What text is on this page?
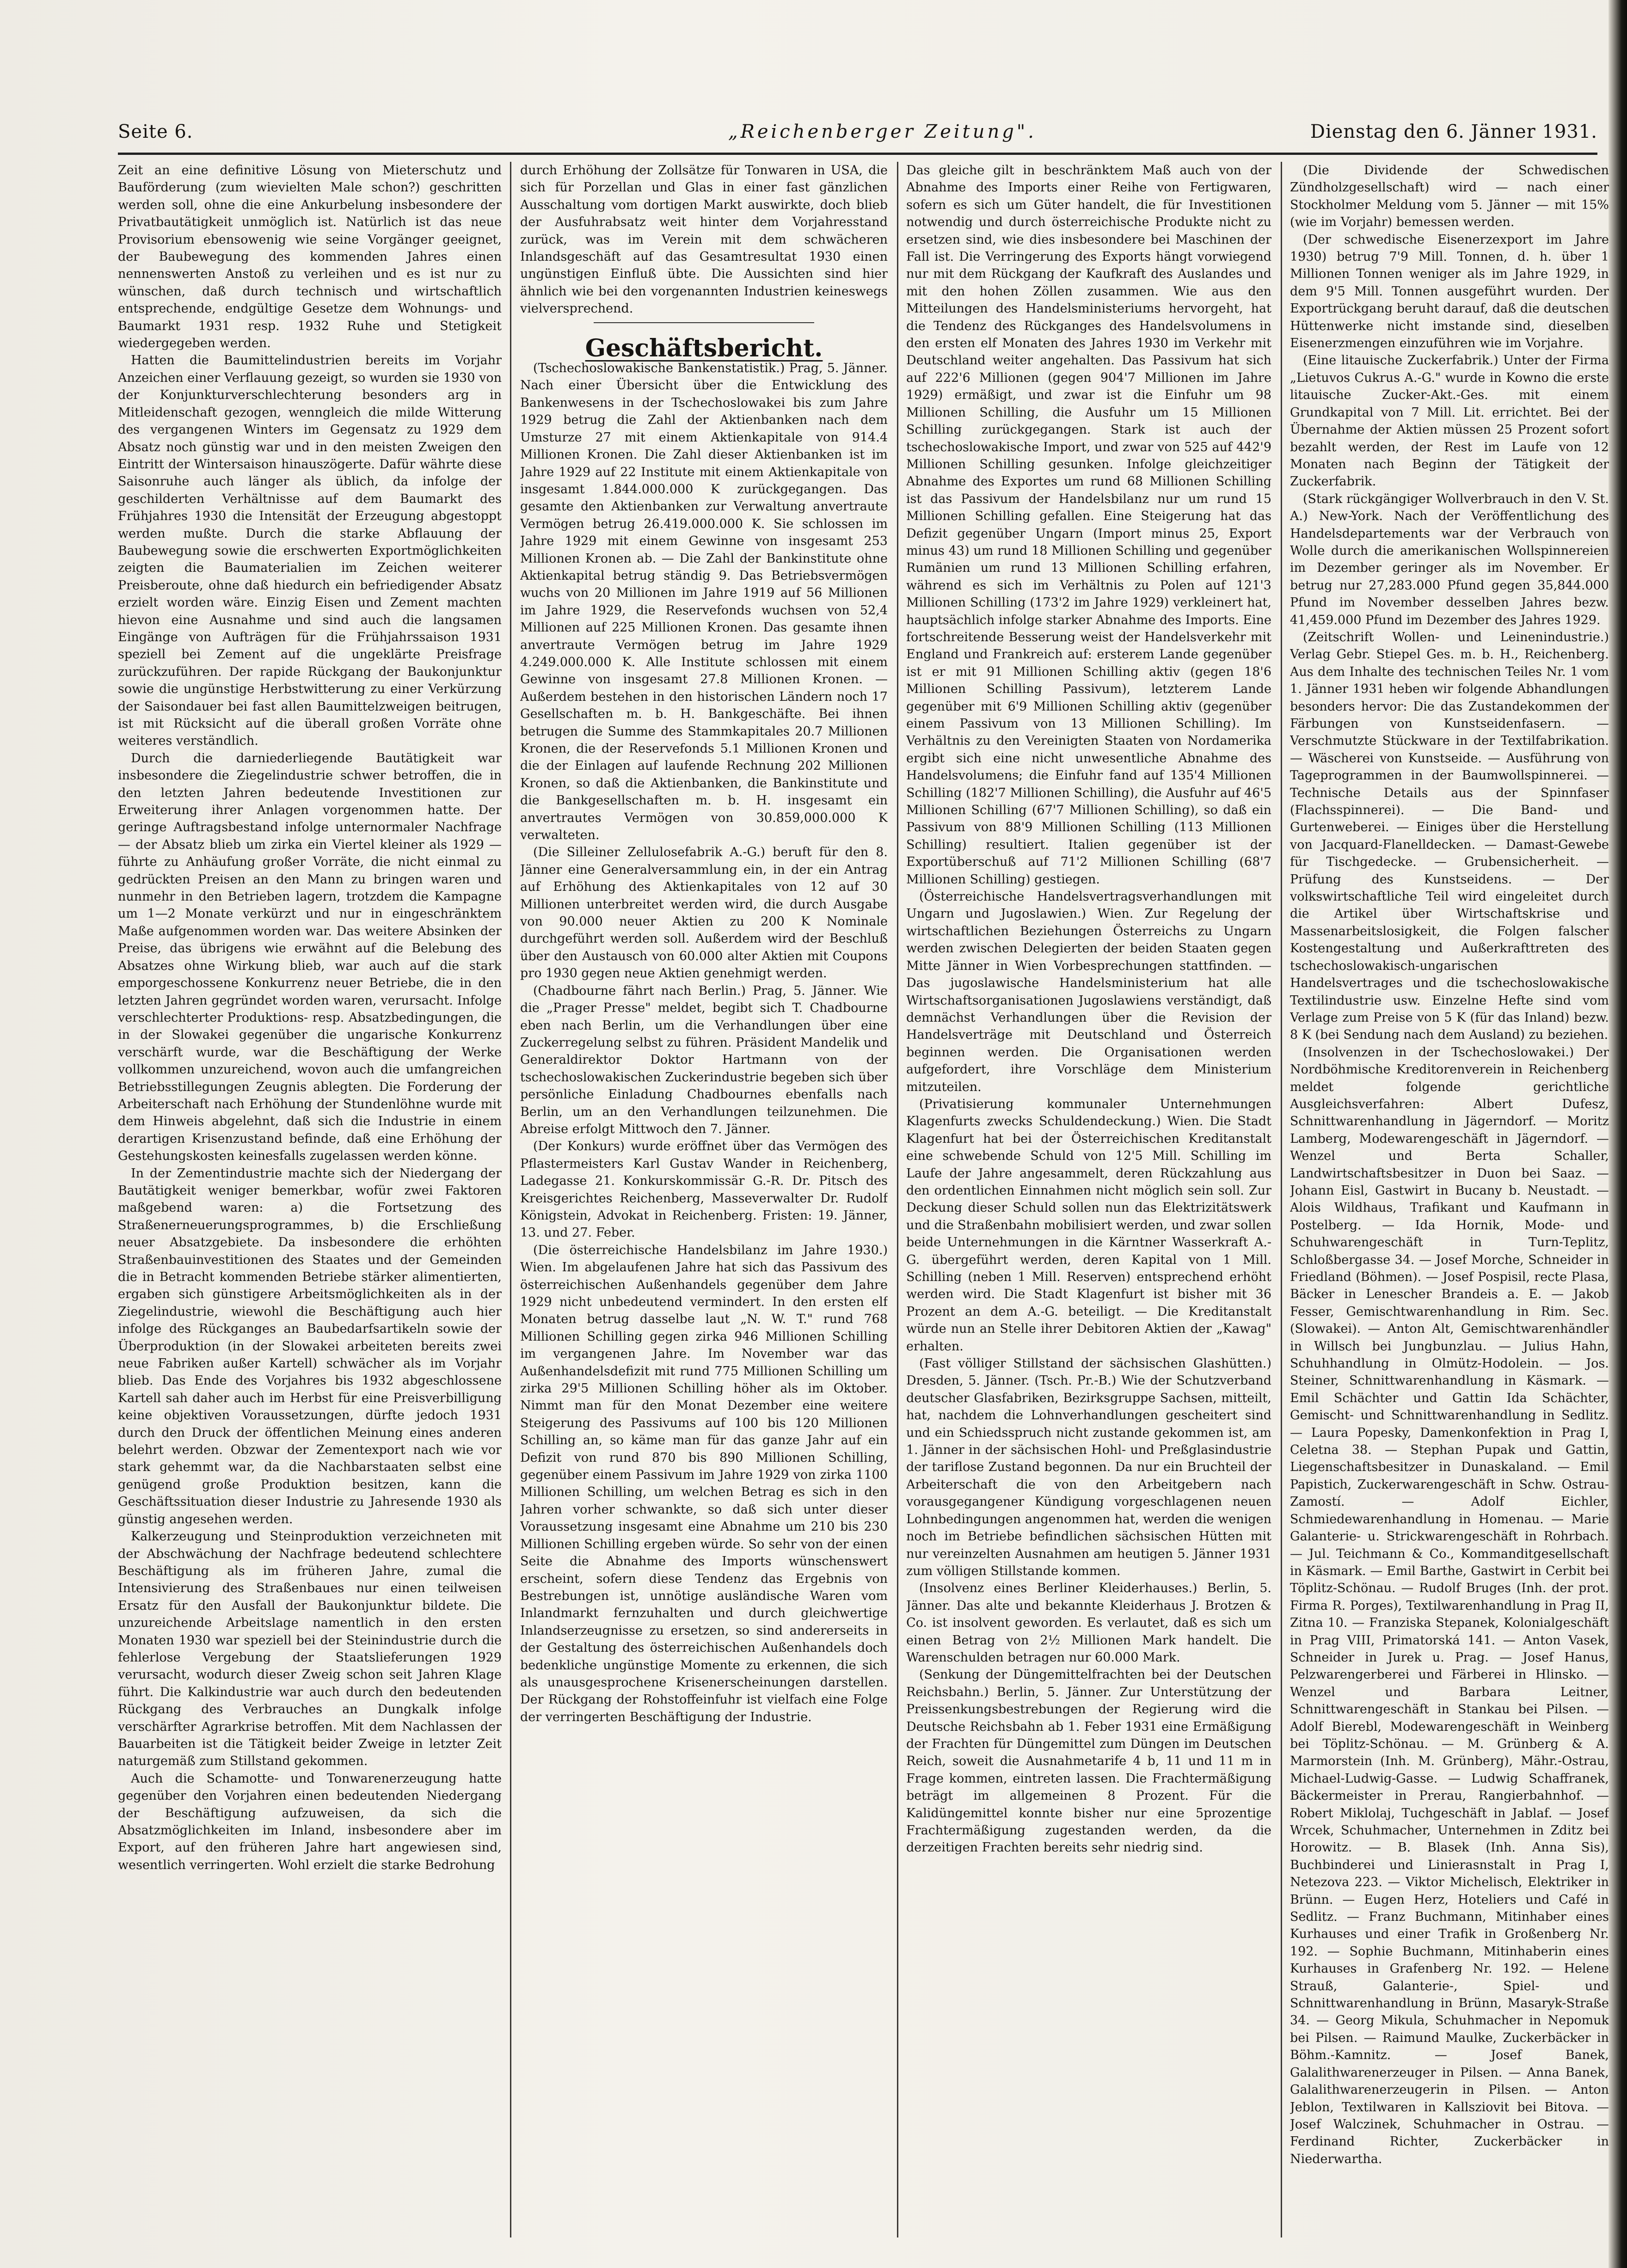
Seite 6.	„Reichenberger Zeitung".	Dienstag den 6. Jänner 1931.

Zeit an eine definitive Lösung von Mieterschutz und Bauförderung (zum wievielten Male schon?) geschritten werden soll, ohne die eine Ankurbelung insbesondere der Privatbautätigkeit unmöglich ist. Natürlich ist das neue Provisorium ebensowenig wie seine Vorgänger geeignet, der Baubewegung des kommenden Jahres einen nennenswerten Anstoß zu verleihen und es ist nur zu wünschen, daß durch technisch und wirtschaftlich entsprechende, endgültige Gesetze dem Wohnungs- und Baumarkt 1931 resp. 1932 Ruhe und Stetigkeit wiedergegeben werden.

Hatten die Baumittelindustrien bereits im Vorjahr Anzeichen einer Verflauung gezeigt, so wurden sie 1930 von der Konjunkturverschlechterung besonders arg in Mitleidenschaft gezogen, wenngleich die milde Witterung des vergangenen Winters im Gegensatz zu 1929 dem Absatz noch günstig war und in den meisten Zweigen den Eintritt der Wintersaison hinauszögerte. Dafür währte diese Saisonruhe auch länger als üblich, da infolge der geschilderten Verhältnisse auf dem Baumarkt des Frühjahres 1930 die Intensität der Erzeugung abgestoppt werden mußte. Durch die starke Abflauung der Baubewegung sowie die erschwerten Exportmöglichkeiten zeigten die Baumaterialien im Zeichen weiterer Preisberoute, ohne daß hiedurch ein befriedigender Absatz erzielt worden wäre. Einzig Eisen und Zement machten hievon eine Ausnahme und sind auch die langsamen Eingänge von Aufträgen für die Frühjahrssaison 1931 speziell bei Zement auf die ungeklärte Preisfrage zurückzuführen. Der rapide Rückgang der Baukonjunktur sowie die ungünstige Herbstwitterung zu einer Verkürzung der Saisondauer bei fast allen Baumittelzweigen beitrugen, ist mit Rücksicht auf die überall großen Vorräte ohne weiteres verständlich.

Durch die darniederliegende Bautätigkeit war insbesondere die Ziegelindustrie schwer betroffen, die in den letzten Jahren bedeutende Investitionen zur Erweiterung ihrer Anlagen vorgenommen hatte. Der geringe Auftragsbestand infolge unternormaler Nachfrage — der Absatz blieb um zirka ein Viertel kleiner als 1929 — führte zu Anhäufung großer Vorräte, die nicht einmal zu gedrückten Preisen an den Mann zu bringen waren und nunmehr in den Betrieben lagern, trotzdem die Kampagne um 1—2 Monate verkürzt und nur in eingeschränktem Maße aufgenommen worden war. Das weitere Absinken der Preise, das übrigens wie erwähnt auf die Belebung des Absatzes ohne Wirkung blieb, war auch auf die stark emporgeschossene Konkurrenz neuer Betriebe, die in den letzten Jahren gegründet worden waren, verursacht. Infolge verschlechterter Produktions- resp. Absatzbedingungen, die in der Slowakei gegenüber die ungarische Konkurrenz verschärft wurde, war die Beschäftigung der Werke vollkommen unzureichend, wovon auch die umfangreichen Betriebsstillegungen Zeugnis ablegten. Die Forderung der Arbeiterschaft nach Erhöhung der Stundenlöhne wurde mit dem Hinweis abgelehnt, daß sich die Industrie in einem derartigen Krisenzustand befinde, daß eine Erhöhung der Gestehungskosten keinesfalls zugelassen werden könne.

In der Zementindustrie machte sich der Niedergang der Bautätigkeit weniger bemerkbar, wofür zwei Faktoren maßgebend waren: a) die Fortsetzung des Straßenerneuerungsprogrammes, b) die Erschließung neuer Absatzgebiete. Da insbesondere die erhöhten Straßenbauinvestitionen des Staates und der Gemeinden die in Betracht kommenden Betriebe stärker alimentierten, ergaben sich günstigere Arbeitsmöglichkeiten als in der Ziegelindustrie, wiewohl die Beschäftigung auch hier infolge des Rückganges an Baubedarfsartikeln sowie der Überproduktion (in der Slowakei arbeiteten bereits zwei neue Fabriken außer Kartell) schwächer als im Vorjahr blieb. Das Ende des Vorjahres bis 1932 abgeschlossene Kartell sah daher auch im Herbst für eine Preisverbilligung keine objektiven Voraussetzungen, dürfte jedoch 1931 durch den Druck der öffentlichen Meinung eines anderen belehrt werden. Obzwar der Zementexport nach wie vor stark gehemmt war, da die Nachbarstaaten selbst eine genügend große Produktion besitzen, kann die Geschäftssituation dieser Industrie zu Jahresende 1930 als günstig angesehen werden.

Kalkerzeugung und Steinproduktion verzeichneten mit der Abschwächung der Nachfrage bedeutend schlechtere Beschäftigung als im früheren Jahre, zumal die Intensivierung des Straßenbaues nur einen teilweisen Ersatz für den Ausfall der Baukonjunktur bildete. Die unzureichende Arbeitslage namentlich in den ersten Monaten 1930 war speziell bei der Steinindustrie durch die fehlerlose Vergebung der Staatslieferungen 1929 verursacht, wodurch dieser Zweig schon seit Jahren Klage führt. Die Kalkindustrie war auch durch den bedeutenden Rückgang des Verbrauches an Dungkalk infolge verschärfter Agrarkrise betroffen. Mit dem Nachlassen der Bauarbeiten ist die Tätigkeit beider Zweige in letzter Zeit naturgemäß zum Stillstand gekommen.

Auch die Schamotte- und Tonwarenerzeugung hatte gegenüber den Vorjahren einen bedeutenden Niedergang der Beschäftigung aufzuweisen, da sich die Absatzmöglichkeiten im Inland, insbesondere aber im Export, auf den früheren Jahre hart angewiesen sind, wesentlich verringerten. Wohl erzielt die starke Bedrohung

durch Erhöhung der Zollsätze für Tonwaren in USA, die sich für Porzellan und Glas in einer fast gänzlichen Ausschaltung vom dortigen Markt auswirkte, doch blieb der Ausfuhrabsatz weit hinter dem Vorjahresstand zurück, was im Verein mit dem schwächeren Inlandsgeschäft auf das Gesamtresultat 1930 einen ungünstigen Einfluß übte. Die Aussichten sind hier ähnlich wie bei den vorgenannten Industrien keineswegs vielversprechend.

Geschäftsbericht.

(Tschechoslowakische Bankenstatistik.) Prag, 5. Jänner. Nach einer Übersicht über die Entwicklung des Bankenwesens in der Tschechoslowakei bis zum Jahre 1929 betrug die Zahl der Aktienbanken nach dem Umsturze 27 mit einem Aktienkapitale von 914.4 Millionen Kronen. Die Zahl dieser Aktienbanken ist im Jahre 1929 auf 22 Institute mit einem Aktienkapitale von insgesamt 1.844.000.000 K zurückgegangen. Das gesamte den Aktienbanken zur Verwaltung anvertraute Vermögen betrug 26.419.000.000 K. Sie schlossen im Jahre 1929 mit einem Gewinne von insgesamt 253 Millionen Kronen ab. — Die Zahl der Bankinstitute ohne Aktienkapital betrug ständig 9. Das Betriebsvermögen wuchs von 20 Millionen im Jahre 1919 auf 56 Millionen im Jahre 1929, die Reservefonds wuchsen von 52,4 Millionen auf 225 Millionen Kronen. Das gesamte ihnen anvertraute Vermögen betrug im Jahre 1929 4.249.000.000 K. Alle Institute schlossen mit einem Gewinne von insgesamt 27.8 Millionen Kronen. — Außerdem bestehen in den historischen Ländern noch 17 Gesellschaften m. b. H. Bankgeschäfte. Bei ihnen betrugen die Summe des Stammkapitales 20.7 Millionen Kronen, die der Reservefonds 5.1 Millionen Kronen und die der Einlagen auf laufende Rechnung 202 Millionen Kronen, so daß die Aktienbanken, die Bankinstitute und die Bankgesellschaften m. b. H. insgesamt ein anvertrautes Vermögen von 30.859,000.000 K verwalteten.

(Die Silleiner Zellulosefabrik A.-G.) beruft für den 8. Jänner eine Generalversammlung ein, in der ein Antrag auf Erhöhung des Aktienkapitales von 12 auf 30 Millionen unterbreitet werden wird, die durch Ausgabe von 90.000 neuer Aktien zu 200 K Nominale durchgeführt werden soll. Außerdem wird der Beschluß über den Austausch von 60.000 alter Aktien mit Coupons pro 1930 gegen neue Aktien genehmigt werden.

(Chadbourne fährt nach Berlin.) Prag, 5. Jänner. Wie die „Prager Presse" meldet, begibt sich T. Chadbourne eben nach Berlin, um die Verhandlungen über eine Zuckerregelung selbst zu führen. Präsident Mandelik und Generaldirektor Doktor Hartmann von der tschechoslowakischen Zuckerindustrie begeben sich über persönliche Einladung Chadbournes ebenfalls nach Berlin, um an den Verhandlungen teilzunehmen. Die Abreise erfolgt Mittwoch den 7. Jänner.

(Der Konkurs) wurde eröffnet über das Vermögen des Pflastermeisters Karl Gustav Wander in Reichenberg, Ladegasse 21. Konkurskommissär G.-R. Dr. Pitsch des Kreisgerichtes Reichenberg, Masseverwalter Dr. Rudolf Königstein, Advokat in Reichenberg. Fristen: 19. Jänner, 13. und 27. Feber.

(Die österreichische Handelsbilanz im Jahre 1930.) Wien. Im abgelaufenen Jahre hat sich das Passivum des österreichischen Außenhandels gegenüber dem Jahre 1929 nicht unbedeutend vermindert. In den ersten elf Monaten betrug dasselbe laut „N. W. T." rund 768 Millionen Schilling gegen zirka 946 Millionen Schilling im vergangenen Jahre. Im November war das Außenhandelsdefizit mit rund 775 Millionen Schilling um zirka 29'5 Millionen Schilling höher als im Oktober. Nimmt man für den Monat Dezember eine weitere Steigerung des Passivums auf 100 bis 120 Millionen Schilling an, so käme man für das ganze Jahr auf ein Defizit von rund 870 bis 890 Millionen Schilling, gegenüber einem Passivum im Jahre 1929 von zirka 1100 Millionen Schilling, um welchen Betrag es sich in den Jahren vorher schwankte, so daß sich unter dieser Voraussetzung insgesamt eine Abnahme um 210 bis 230 Millionen Schilling ergeben würde. So sehr von der einen Seite die Abnahme des Imports wünschenswert erscheint, sofern diese Tendenz das Ergebnis von Bestrebungen ist, unnötige ausländische Waren vom Inlandmarkt fernzuhalten und durch gleichwertige Inlandserzeugnisse zu ersetzen, so sind andererseits in der Gestaltung des österreichischen Außenhandels doch bedenkliche ungünstige Momente zu erkennen, die sich als unausgesprochene Krisenerscheinungen darstellen. Der Rückgang der Rohstoffeinfuhr ist vielfach eine Folge der verringerten Beschäftigung der Industrie.

Das gleiche gilt in beschränktem Maß auch von der Abnahme des Imports einer Reihe von Fertigwaren, sofern es sich um Güter handelt, die für Investitionen notwendig und durch österreichische Produkte nicht zu ersetzen sind, wie dies insbesondere bei Maschinen der Fall ist. Die Verringerung des Exports hängt vorwiegend nur mit dem Rückgang der Kaufkraft des Auslandes und mit den hohen Zöllen zusammen. Wie aus den Mitteilungen des Handelsministeriums hervorgeht, hat die Tendenz des Rückganges des Handelsvolumens in den ersten elf Monaten des Jahres 1930 im Verkehr mit Deutschland weiter angehalten. Das Passivum hat sich auf 222'6 Millionen (gegen 904'7 Millionen im Jahre 1929) ermäßigt, und zwar ist die Einfuhr um 98 Millionen Schilling, die Ausfuhr um 15 Millionen Schilling zurückgegangen. Stark ist auch der tschechoslowakische Import, und zwar von 525 auf 442'9 Millionen Schilling gesunken. Infolge gleichzeitiger Abnahme des Exportes um rund 68 Millionen Schilling ist das Passivum der Handelsbilanz nur um rund 15 Millionen Schilling gefallen. Eine Steigerung hat das Defizit gegenüber Ungarn (Import minus 25, Export minus 43) um rund 18 Millionen Schilling und gegenüber Rumänien um rund 13 Millionen Schilling erfahren, während es sich im Verhältnis zu Polen auf 121'3 Millionen Schilling (173'2 im Jahre 1929) verkleinert hat, hauptsächlich infolge starker Abnahme des Imports. Eine fortschreitende Besserung weist der Handelsverkehr mit England und Frankreich auf: ersterem Lande gegenüber ist er mit 91 Millionen Schilling aktiv (gegen 18'6 Millionen Schilling Passivum), letzterem Lande gegenüber mit 6'9 Millionen Schilling aktiv (gegenüber einem Passivum von 13 Millionen Schilling). Im Verhältnis zu den Vereinigten Staaten von Nordamerika ergibt sich eine nicht unwesentliche Abnahme des Handelsvolumens; die Einfuhr fand auf 135'4 Millionen Schilling (182'7 Millionen Schilling), die Ausfuhr auf 46'5 Millionen Schilling (67'7 Millionen Schilling), so daß ein Passivum von 88'9 Millionen Schilling (113 Millionen Schilling) resultiert. Italien gegenüber ist der Exportüberschuß auf 71'2 Millionen Schilling (68'7 Millionen Schilling) gestiegen.

(Österreichische Handelsvertragsverhandlungen mit Ungarn und Jugoslawien.) Wien. Zur Regelung der wirtschaftlichen Beziehungen Österreichs zu Ungarn werden zwischen Delegierten der beiden Staaten gegen Mitte Jänner in Wien Vorbesprechungen stattfinden. — Das jugoslawische Handelsministerium hat alle Wirtschaftsorganisationen Jugoslawiens verständigt, daß demnächst Verhandlungen über die Revision der Handelsverträge mit Deutschland und Österreich beginnen werden. Die Organisationen werden aufgefordert, ihre Vorschläge dem Ministerium mitzuteilen.

(Privatisierung kommunaler Unternehmungen Klagenfurts zwecks Schuldendeckung.) Wien. Die Stadt Klagenfurt hat bei der Österreichischen Kreditanstalt eine schwebende Schuld von 12'5 Mill. Schilling im Laufe der Jahre angesammelt, deren Rückzahlung aus den ordentlichen Einnahmen nicht möglich sein soll. Zur Deckung dieser Schuld sollen nun das Elektrizitätswerk und die Straßenbahn mobilisiert werden, und zwar sollen beide Unternehmungen in die Kärntner Wasserkraft A.-G. übergeführt werden, deren Kapital von 1 Mill. Schilling (neben 1 Mill. Reserven) entsprechend erhöht werden wird. Die Stadt Klagenfurt ist bisher mit 36 Prozent an dem A.-G. beteiligt. — Die Kreditanstalt würde nun an Stelle ihrer Debitoren Aktien der „Kawag" erhalten.

(Fast völliger Stillstand der sächsischen Glashütten.) Dresden, 5. Jänner. (Tsch. Pr.-B.) Wie der Schutzverband deutscher Glasfabriken, Bezirksgruppe Sachsen, mitteilt, hat, nachdem die Lohnverhandlungen gescheitert sind und ein Schiedsspruch nicht zustande gekommen ist, am 1. Jänner in der sächsischen Hohl- und Preßglasindustrie der tariflose Zustand begonnen. Da nur ein Bruchteil der Arbeiterschaft die von den Arbeitgebern nach vorausgegangener Kündigung vorgeschlagenen neuen Lohnbedingungen angenommen hat, werden die wenigen noch im Betriebe befindlichen sächsischen Hütten mit nur vereinzelten Ausnahmen am heutigen 5. Jänner 1931 zum völligen Stillstande kommen.

(Insolvenz eines Berliner Kleiderhauses.) Berlin, 5. Jänner. Das alte und bekannte Kleiderhaus J. Brotzen & Co. ist insolvent geworden. Es verlautet, daß es sich um einen Betrag von 2½ Millionen Mark handelt. Die Warenschulden betragen nur 60.000 Mark.

(Senkung der Düngemittelfrachten bei der Deutschen Reichsbahn.) Berlin, 5. Jänner. Zur Unterstützung der Preissenkungsbestrebungen der Regierung wird die Deutsche Reichsbahn ab 1. Feber 1931 eine Ermäßigung der Frachten für Düngemittel zum Düngen im Deutschen Reich, soweit die Ausnahmetarife 4 b, 11 und 11 m in Frage kommen, eintreten lassen. Die Frachtermäßigung beträgt im allgemeinen 8 Prozent. Für die Kalidüngemittel konnte bisher nur eine 5prozentige Frachtermäßigung zugestanden werden, da die derzeitigen Frachten bereits sehr niedrig sind.

(Die Dividende der Schwedischen Zündholzgesellschaft) wird — nach einer Stockholmer Meldung vom 5. Jänner — mit 15% (wie im Vorjahr) bemessen werden.

(Der schwedische Eisenerzexport im Jahre 1930) betrug 7'9 Mill. Tonnen, d. h. über 1 Millionen Tonnen weniger als im Jahre 1929, in dem 9'5 Mill. Tonnen ausgeführt wurden. Der Exportrückgang beruht darauf, daß die deutschen Hüttenwerke nicht imstande sind, dieselben Eisenerzmengen einzuführen wie im Vorjahre.

(Eine litauische Zuckerfabrik.) Unter der Firma „Lietuvos Cukrus A.-G." wurde in Kowno die erste litauische Zucker-Akt.-Ges. mit einem Grundkapital von 7 Mill. Lit. errichtet. Bei der Übernahme der Aktien müssen 25 Prozent sofort bezahlt werden, der Rest im Laufe von 12 Monaten nach Beginn der Tätigkeit der Zuckerfabrik.

(Stark rückgängiger Wollverbrauch in den V. St. A.) New-York. Nach der Veröffentlichung des Handelsdepartements war der Verbrauch von Wolle durch die amerikanischen Wollspinnereien im Dezember geringer als im November. Er betrug nur 27,283.000 Pfund gegen 35,844.000 Pfund im November desselben Jahres bezw. 41,459.000 Pfund im Dezember des Jahres 1929.

(Zeitschrift Wollen- und Leinenindustrie.) Verlag Gebr. Stiepel Ges. m. b. H., Reichenberg. Aus dem Inhalte des technischen Teiles Nr. 1 vom 1. Jänner 1931 heben wir folgende Abhandlungen besonders hervor: Die das Zustandekommen der Färbungen von Kunstseidenfasern. — Verschmutzte Stückware in der Textilfabrikation. — Wäscherei von Kunstseide. — Ausführung von Tageprogrammen in der Baumwollspinnerei. — Technische Details aus der Spinnfaser (Flachsspinnerei). — Die Band- und Gurtenweberei. — Einiges über die Herstellung von Jacquard-Flanelldecken. — Damast-Gewebe für Tischgedecke. — Grubensicherheit. — Prüfung des Kunstseidens. — Der volkswirtschaftliche Teil wird eingeleitet durch die Artikel über Wirtschaftskrise und Massenarbeitslosigkeit, die Folgen falscher Kostengestaltung und Außerkrafttreten des tschechoslowakisch-ungarischen Handelsvertrages und die tschechoslowakische Textilindustrie usw. Einzelne Hefte sind vom Verlage zum Preise von 5 K (für das Inland) bezw. 8 K (bei Sendung nach dem Ausland) zu beziehen.

(Insolvenzen in der Tschechoslowakei.) Der Nordböhmische Kreditorenverein in Reichenberg meldet folgende gerichtliche Ausgleichsverfahren: Albert Dufesz, Schnittwarenhandlung in Jägerndorf. — Moritz Lamberg, Modewarengeschäft in Jägerndorf. — Wenzel und Berta Schaller, Landwirtschaftsbesitzer in Duon bei Saaz. — Johann Eisl, Gastwirt in Bucany b. Neustadt. — Alois Wildhaus, Trafikant und Kaufmann in Postelberg. — Ida Hornik, Mode- und Schuhwarengeschäft in Turn-Teplitz, Schloßbergasse 34. — Josef Morche, Schneider in Friedland (Böhmen). — Josef Pospisil, recte Plasa, Bäcker in Lenescher Brandeis a. E. — Jakob Fesser, Gemischtwarenhandlung in Rim. Sec. (Slowakei). — Anton Alt, Gemischtwarenhändler in Willsch bei Jungbunzlau. — Julius Hahn, Schuhhandlung in Olmütz-Hodolein. — Jos. Steiner, Schnittwarenhandlung in Käsmark. — Emil Schächter und Gattin Ida Schächter, Gemischt- und Schnittwarenhandlung in Sedlitz. — Laura Popesky, Damenkonfektion in Prag I, Celetna 38. — Stephan Pupak und Gattin, Liegenschaftsbesitzer in Dunaskaland. — Emil Papistich, Zuckerwarengeschäft in Schw. Ostrau-Zamostí. — Adolf Eichler, Schmiedewarenhandlung in Homenau. — Marie Galanterie- u. Strickwarengeschäft in Rohrbach. — Jul. Teichmann & Co., Kommanditgesellschaft in Käsmark. — Emil Barthe, Gastwirt in Cerbit bei Töplitz-Schönau. — Rudolf Bruges (Inh. der prot. Firma R. Porges), Textilwarenhandlung in Prag II, Zitna 10. — Franziska Stepanek, Kolonialgeschäft in Prag VIII, Primatorská 141. — Anton Vasek, Schneider in Jurek u. Prag. — Josef Hanus, Pelzwarengerberei und Färberei in Hlinsko. — Wenzel und Barbara Leitner, Schnittwarengeschäft in Stankau bei Pilsen. — Adolf Bierebl, Modewarengeschäft in Weinberg bei Töplitz-Schönau. — M. Grünberg & A. Marmorstein (Inh. M. Grünberg), Mähr.-Ostrau, Michael-Ludwig-Gasse. — Ludwig Schaffranek, Bäckermeister in Prerau, Rangierbahnhof. — Robert Miklolaj, Tuchgeschäft in Jablaf. — Josef Wrcek, Schuhmacher, Unternehmen in Zditz bei Horowitz. — B. Blasek (Inh. Anna Sis), Buchbinderei und Linierasnstalt in Prag I, Netezova 223. — Viktor Michelisch, Elektriker in Brünn. — Eugen Herz, Hoteliers und Café in Sedlitz. — Franz Buchmann, Mitinhaber eines Kurhauses und einer Trafik in Großenberg Nr. 192. — Sophie Buchmann, Mitinhaberin eines Kurhauses in Grafenberg Nr. 192. — Helene Strauß, Galanterie-, Spiel- und Schnittwarenhandlung in Brünn, Masaryk-Straße 34. — Georg Mikula, Schuhmacher in Nepomuk bei Pilsen. — Raimund Maulke, Zuckerbäcker in Böhm.-Kamnitz. — Josef Banek, Galalithwarenerzeuger in Pilsen. — Anna Banek, Galalithwarenerzeugerin in Pilsen. — Anton Jeblon, Textilwaren in Kallsziovit bei Bitova. — Josef Walczinek, Schuhmacher in Ostrau. — Ferdinand Richter, Zuckerbäcker in Niederwartha.
